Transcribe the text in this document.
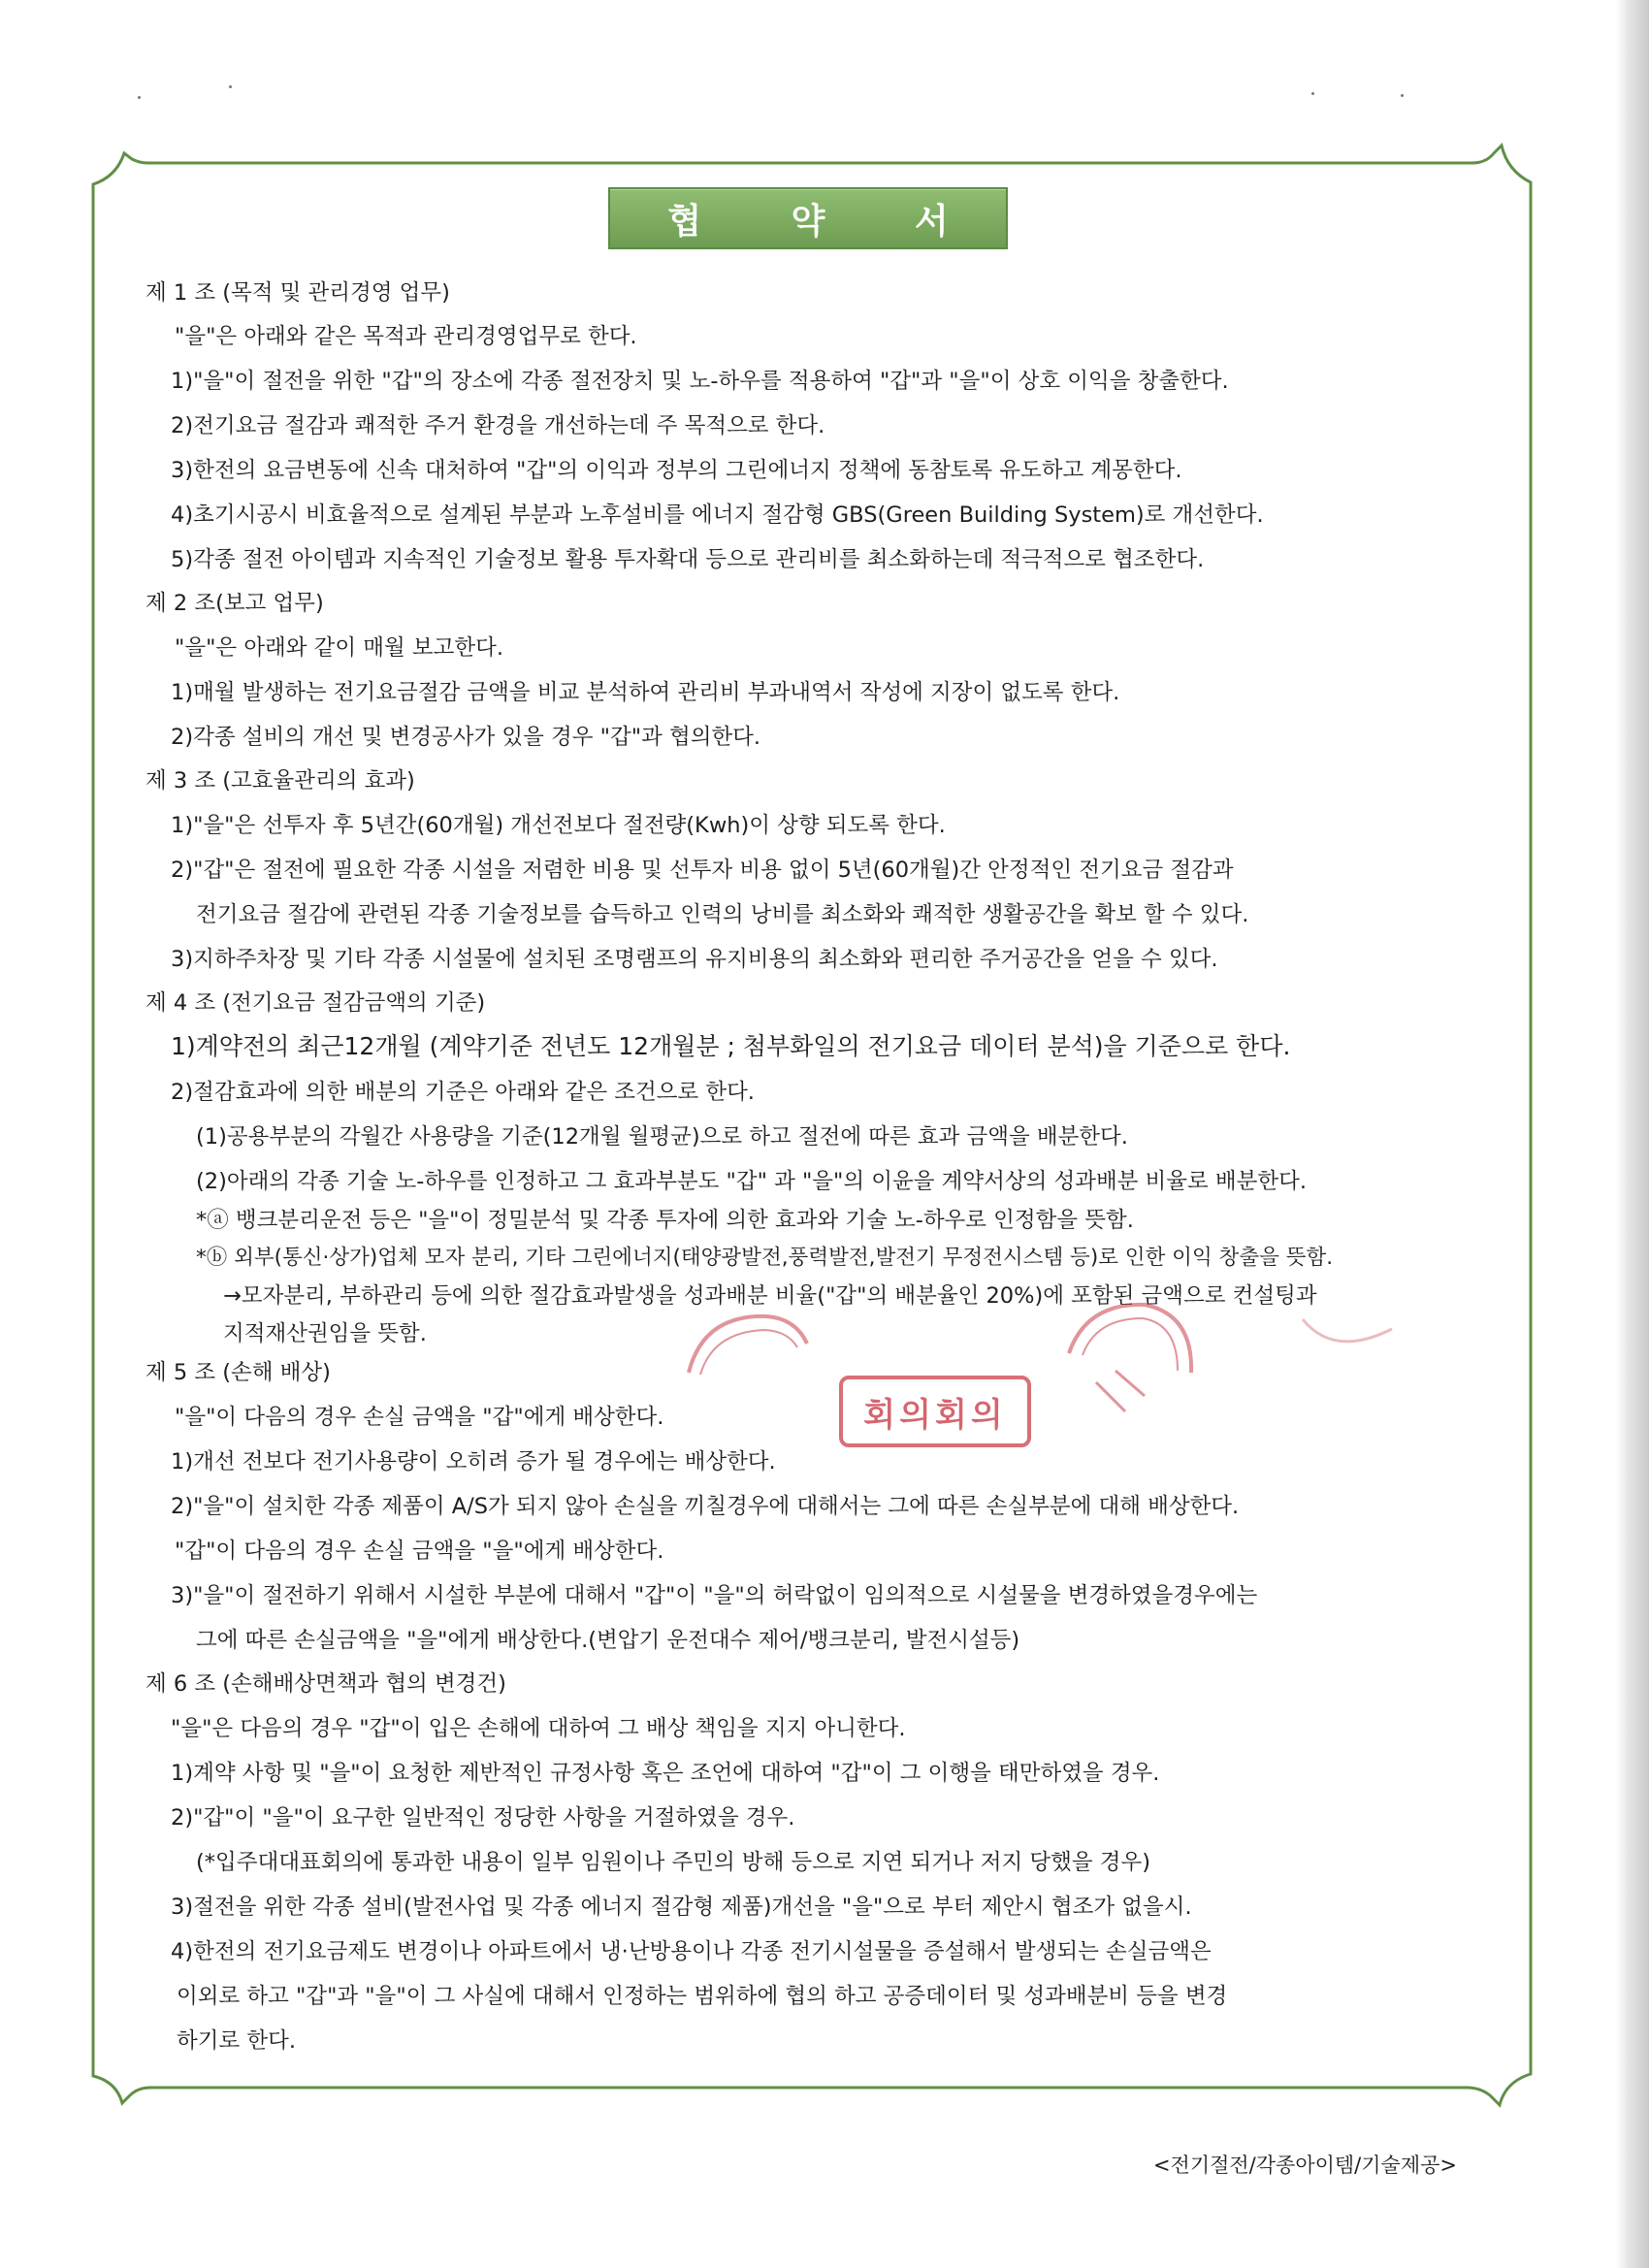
협 약 서
제 1 조 (목적 및 관리경영 업무)
"을"은 아래와 같은 목적과 관리경영업무로 한다.
1)"을"이 절전을 위한 "갑"의 장소에 각종 절전장치 및 노-하우를 적용하여 "갑"과 "을"이 상호 이익을 창출한다.
2)전기요금 절감과 쾌적한 주거 환경을 개선하는데 주 목적으로 한다.
3)한전의 요금변동에 신속 대처하여 "갑"의 이익과 정부의 그린에너지 정책에 동참토록 유도하고 계몽한다.
4)초기시공시 비효율적으로 설계된 부분과 노후설비를 에너지 절감형 GBS(Green Building System)로 개선한다.
5)각종 절전 아이템과 지속적인 기술정보 활용 투자확대 등으로 관리비를 최소화하는데 적극적으로 협조한다.
제 2 조(보고 업무)
"을"은 아래와 같이 매월 보고한다.
1)매월 발생하는 전기요금절감 금액을 비교 분석하여 관리비 부과내역서 작성에 지장이 없도록 한다.
2)각종 설비의 개선 및 변경공사가 있을 경우 "갑"과 협의한다.
제 3 조 (고효율관리의 효과)
1)"을"은 선투자 후 5년간(60개월) 개선전보다 절전량(Kwh)이 상향 되도록 한다.
2)"갑"은 절전에 필요한 각종 시설을 저렴한 비용 및 선투자 비용 없이 5년(60개월)간 안정적인 전기요금 절감과
전기요금 절감에 관련된 각종 기술정보를 습득하고 인력의 낭비를 최소화와 쾌적한 생활공간을 확보 할 수 있다.
3)지하주차장 및 기타 각종 시설물에 설치된 조명램프의 유지비용의 최소화와 편리한 주거공간을 얻을 수 있다.
제 4 조 (전기요금 절감금액의 기준)
1)계약전의 최근12개월 (계약기준 전년도 12개월분 ; 첨부화일의 전기요금 데이터 분석)을 기준으로 한다.
2)절감효과에 의한 배분의 기준은 아래와 같은 조건으로 한다.
(1)공용부분의 각월간 사용량을 기준(12개월 월평균)으로 하고 절전에 따른 효과 금액을 배분한다.
(2)아래의 각종 기술 노-하우를 인정하고 그 효과부분도 "갑" 과 "을"의 이윤을 계약서상의 성과배분 비율로 배분한다.
*ⓐ 뱅크분리운전 등은 "을"이 정밀분석 및 각종 투자에 의한 효과와 기술 노-하우로 인정함을 뜻함.
*ⓑ 외부(통신·상가)업체 모자 분리, 기타 그린에너지(태양광발전,풍력발전,발전기 무정전시스템 등)로 인한 이익 창출을 뜻함.
→모자분리, 부하관리 등에 의한 절감효과발생을 성과배분 비율("갑"의 배분율인 20%)에 포함된 금액으로 컨설팅과
지적재산권임을 뜻함.
제 5 조 (손해 배상)
"을"이 다음의 경우 손실 금액을 "갑"에게 배상한다.
1)개선 전보다 전기사용량이 오히려 증가 될 경우에는 배상한다.
2)"을"이 설치한 각종 제품이 A/S가 되지 않아 손실을 끼칠경우에 대해서는 그에 따른 손실부분에 대해 배상한다.
"갑"이 다음의 경우 손실 금액을 "을"에게 배상한다.
3)"을"이 절전하기 위해서 시설한 부분에 대해서 "갑"이 "을"의 허락없이 임의적으로 시설물을 변경하였을경우에는
그에 따른 손실금액을 "을"에게 배상한다.(변압기 운전대수 제어/뱅크분리, 발전시설등)
제 6 조 (손해배상면책과 협의 변경건)
"을"은 다음의 경우 "갑"이 입은 손해에 대하여 그 배상 책임을 지지 아니한다.
1)계약 사항 및 "을"이 요청한 제반적인 규정사항 혹은 조언에 대하여 "갑"이 그 이행을 태만하였을 경우.
2)"갑"이 "을"이 요구한 일반적인 정당한 사항을 거절하였을 경우.
(*입주대대표회의에 통과한 내용이 일부 임원이나 주민의 방해 등으로 지연 되거나 저지 당했을 경우)
3)절전을 위한 각종 설비(발전사업 및 각종 에너지 절감형 제품)개선을 "을"으로 부터 제안시 협조가 없을시.
4)한전의 전기요금제도 변경이나 아파트에서 냉·난방용이나 각종 전기시설물을 증설해서 발생되는 손실금액은
이외로 하고 "갑"과 "을"이 그 사실에 대해서 인정하는 범위하에 협의 하고 공증데이터 및 성과배분비 등을 변경
하기로 한다.
회의회의
<전기절전/각종아이템/기술제공>
